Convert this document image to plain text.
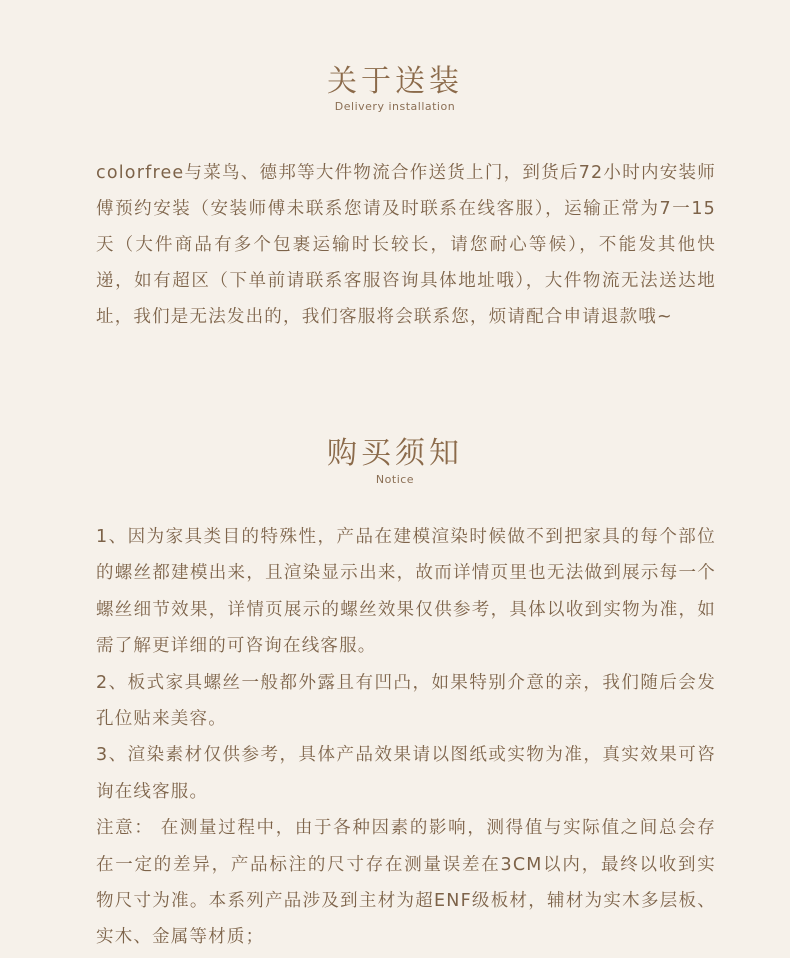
关于送装
Delivery installation

colorfree与菜鸟、德邦等大件物流合作送货上门，到货后72小时内安装师傅预约安装（安装师傅未联系您请及时联系在线客服），运输正常为7一15天（大件商品有多个包裹运输时长较长，请您耐心等候），不能发其他快递，如有超区（下单前请联系客服咨询具体地址哦），大件物流无法送达地址，我们是无法发出的，我们客服将会联系您，烦请配合申请退款哦~

购买须知
Notice
1、因为家具类目的特殊性，产品在建模渲染时候做不到把家具的每个部位的螺丝都建模出来，且渲染显示出来，故而详情页里也无法做到展示每一个螺丝细节效果，详情页展示的螺丝效果仅供参考，具体以收到实物为准，如需了解更详细的可咨询在线客服。
2、板式家具螺丝一般都外露且有凹凸，如果特别介意的亲，我们随后会发孔位贴来美容。
3、渲染素材仅供参考，具体产品效果请以图纸或实物为准，真实效果可咨询在线客服。
注意： 在测量过程中，由于各种因素的影响，测得值与实际值之间总会存在一定的差异，产品标注的尺寸存在测量误差在3CM以内，最终以收到实物尺寸为准。本系列产品涉及到主材为超ENF级板材，辅材为实木多层板、实木、金属等材质；
